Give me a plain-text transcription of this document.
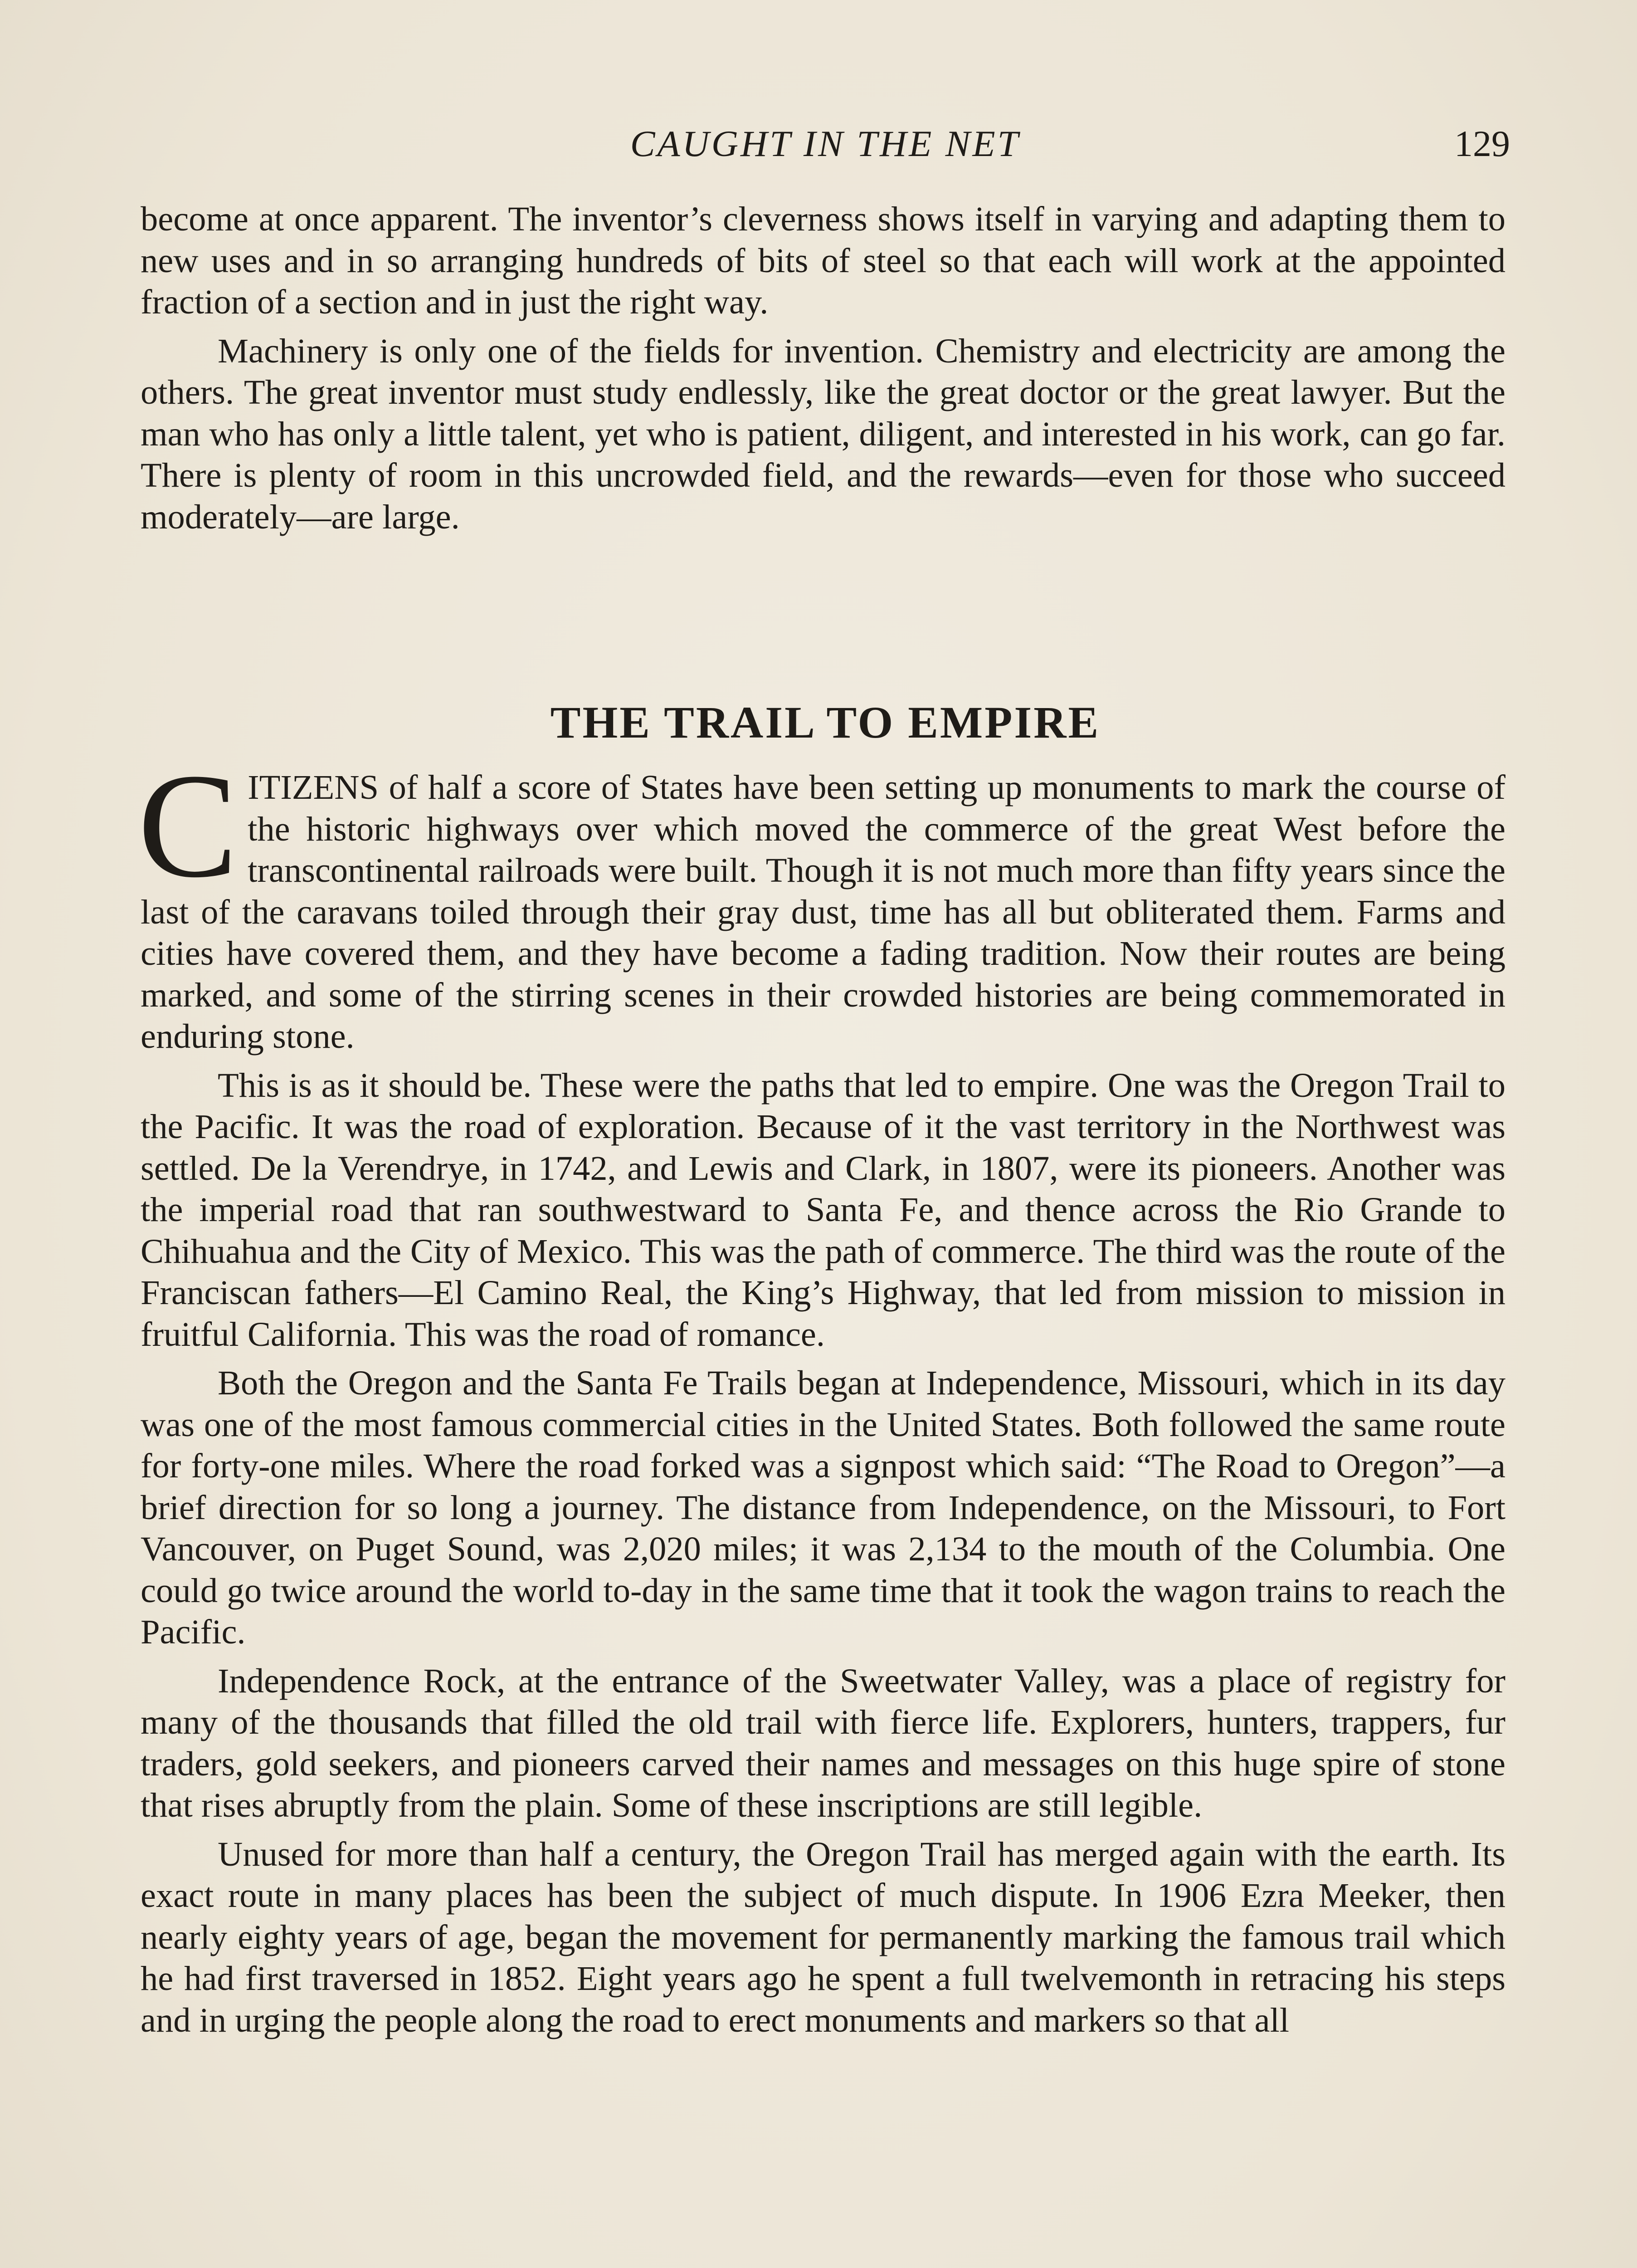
CAUGHT IN THE NET	129

become at once apparent. The inventor’s cleverness shows itself in varying and adapting them to new uses and in so arranging hundreds of bits of steel so that each will work at the appointed fraction of a section and in just the right way.

Machinery is only one of the fields for invention. Chemistry and electricity are among the others. The great inventor must study endlessly, like the great doctor or the great lawyer. But the man who has only a little talent, yet who is patient, diligent, and interested in his work, can go far. There is plenty of room in this uncrowded field, and the rewards—even for those who succeed moderately—are large.

THE TRAIL TO EMPIRE

CITIZENS of half a score of States have been setting up monuments to mark the course of the historic highways over which moved the commerce of the great West before the transcontinental railroads were built. Though it is not much more than fifty years since the last of the caravans toiled through their gray dust, time has all but obliterated them. Farms and cities have covered them, and they have become a fading tradition. Now their routes are being marked, and some of the stirring scenes in their crowded histories are being commemorated in enduring stone.

This is as it should be. These were the paths that led to empire. One was the Oregon Trail to the Pacific. It was the road of exploration. Because of it the vast territory in the Northwest was settled. De la Verendrye, in 1742, and Lewis and Clark, in 1807, were its pioneers. Another was the imperial road that ran southwestward to Santa Fe, and thence across the Rio Grande to Chihuahua and the City of Mexico. This was the path of commerce. The third was the route of the Franciscan fathers—El Camino Real, the King’s Highway, that led from mission to mission in fruitful California. This was the road of romance.

Both the Oregon and the Santa Fe Trails began at Independence, Missouri, which in its day was one of the most famous commercial cities in the United States. Both followed the same route for forty-one miles. Where the road forked was a signpost which said: “The Road to Oregon”—a brief direction for so long a journey. The distance from Independence, on the Missouri, to Fort Vancouver, on Puget Sound, was 2,020 miles; it was 2,134 to the mouth of the Columbia. One could go twice around the world to-day in the same time that it took the wagon trains to reach the Pacific.

Independence Rock, at the entrance of the Sweetwater Valley, was a place of registry for many of the thousands that filled the old trail with fierce life. Explorers, hunters, trappers, fur traders, gold seekers, and pioneers carved their names and messages on this huge spire of stone that rises abruptly from the plain. Some of these inscriptions are still legible.

Unused for more than half a century, the Oregon Trail has merged again with the earth. Its exact route in many places has been the subject of much dispute. In 1906 Ezra Meeker, then nearly eighty years of age, began the movement for permanently marking the famous trail which he had first traversed in 1852. Eight years ago he spent a full twelvemonth in retracing his steps and in urging the people along the road to erect monuments and markers so that all
